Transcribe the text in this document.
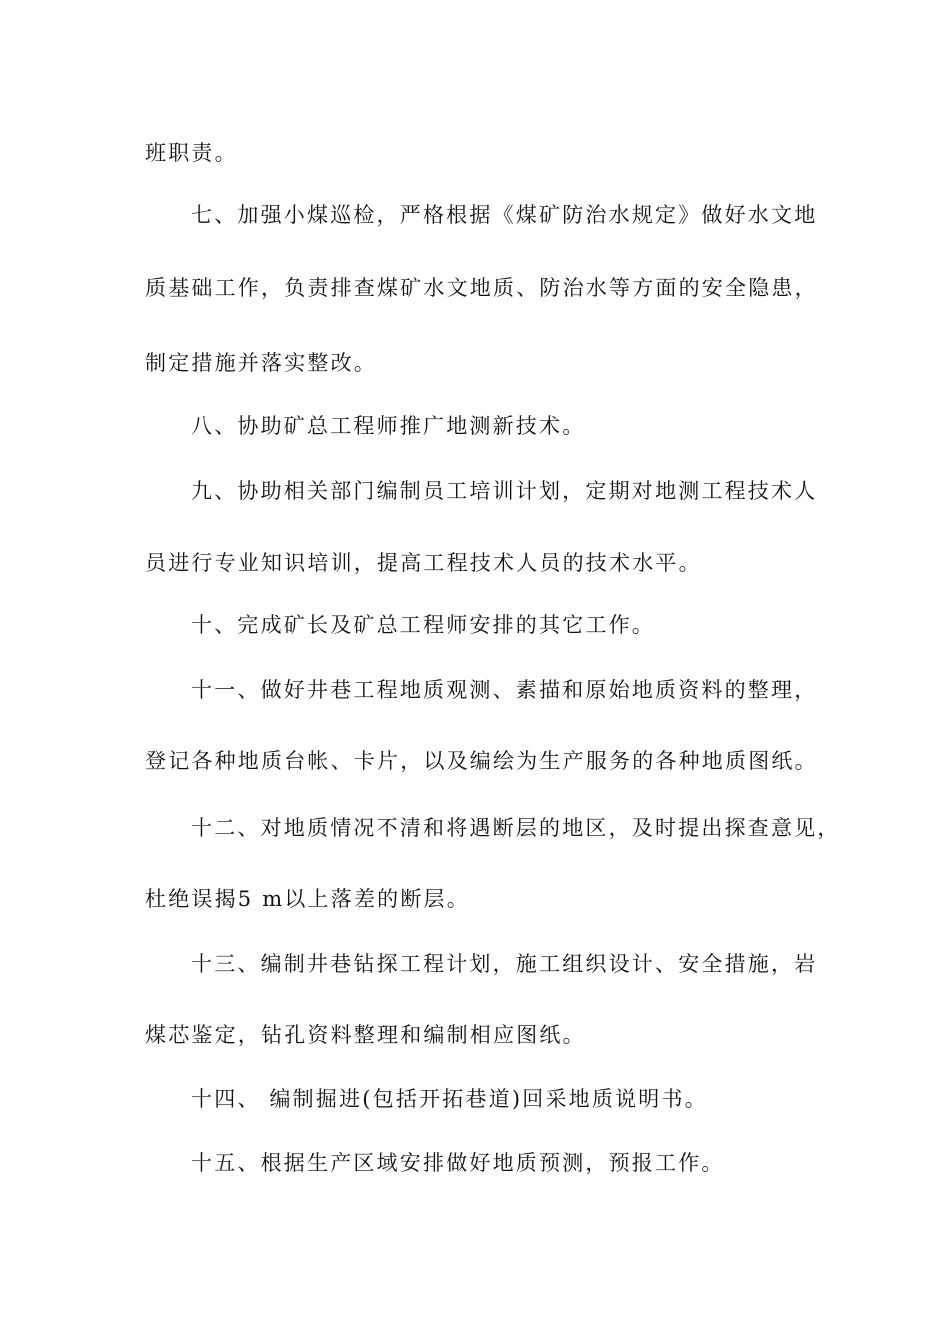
班职责。
七、加强小煤巡检，严格根据《煤矿防治水规定》做好水文地
质基础工作，负责排查煤矿水文地质、防治水等方面的安全隐患，
制定措施并落实整改。
八、协助矿总工程师推广地测新技术。
九、协助相关部门编制员工培训计划，定期对地测工程技术人
员进行专业知识培训，提高工程技术人员的技术水平。
十、完成矿长及矿总工程师安排的其它工作。
十一、做好井巷工程地质观测、素描和原始地质资料的整理，
登记各种地质台帐、卡片，以及编绘为生产服务的各种地质图纸。
十二、对地质情况不清和将遇断层的地区，及时提出探查意见，
杜绝误揭5 m以上落差的断层。
十三、编制井巷钻探工程计划，施工组织设计、安全措施，岩
煤芯鉴定，钻孔资料整理和编制相应图纸。
十四、 编制掘进(包括开拓巷道)回采地质说明书。
十五、根据生产区域安排做好地质预测，预报工作。
